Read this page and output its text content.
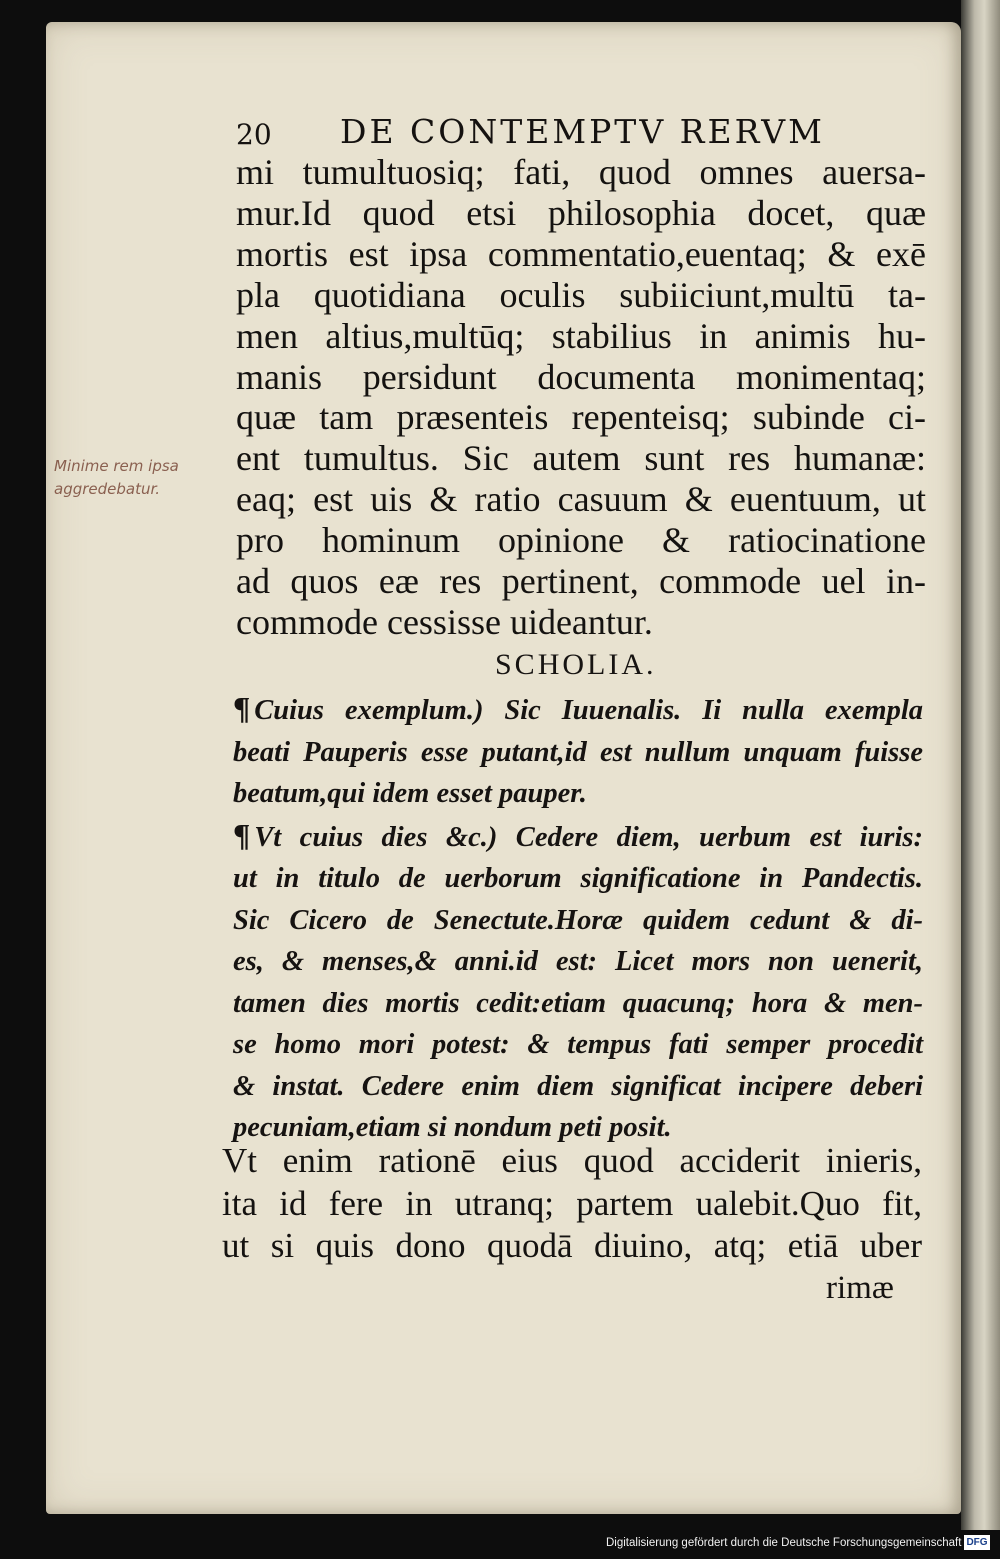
20 DE CONTEMPTV RERVM
Minime rem ipsa
aggredebatur.
mi tumultuosiq; fati, quod omnes auersa-
mur.Id quod etsi philosophia docet, quæ
mortis est ipsa commentatio,euentaq; & exē
pla quotidiana oculis subiiciunt,multū ta-
men altius,multūq; stabilius in animis hu-
manis persidunt documenta monimentaq;
quæ tam præsenteis repenteisq; subinde ci-
ent tumultus. Sic autem sunt res humanæ:
eaq; est uis & ratio casuum & euentuum, ut
pro hominum opinione & ratiocinatione
ad quos eæ res pertinent, commode uel in-
commode cessisse uideantur.
SCHOLIA.
¶ Cuius exemplum.) Sic Iuuenalis. Ii nulla exempla
beati Pauperis esse putant,id est nullum unquam fuisse
beatum,qui idem esset pauper.
¶ Vt cuius dies &c.) Cedere diem, uerbum est iuris:
ut in titulo de uerborum significatione in Pandectis.
Sic Cicero de Senectute.Horæ quidem cedunt & di-
es, & menses,& anni.id est: Licet mors non uenerit,
tamen dies mortis cedit:etiam quacunq; hora & men-
se homo mori potest: & tempus fati semper procedit
& instat. Cedere enim diem significat incipere deberi
pecuniam,etiam si nondum peti posit.
Vt enim rationē eius quod acciderit inieris,
ita id fere in utranq; partem ualebit.Quo fit,
ut si quis dono quodā diuino, atq; etiā uber
rimæ
Digitalisierung gefördert durch die Deutsche Forschungsgemeinschaft DFG
